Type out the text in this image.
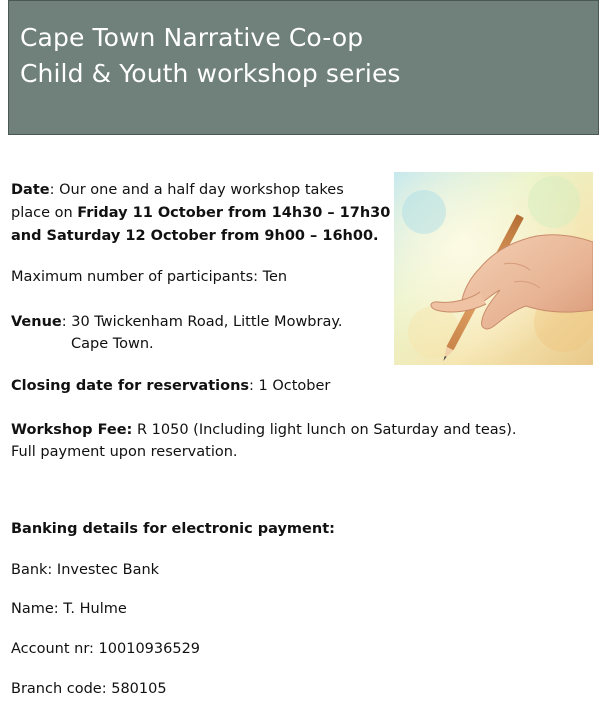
Cape Town Narrative Co-op
Child & Youth workshop series
Date: Our one and a half day workshop takes
place on Friday 11 October from 14h30 – 17h30
and Saturday 12 October from 9h00 – 16h00.
Maximum number of participants: Ten
Venue: 30 Twickenham Road, Little Mowbray.
Cape Town.
Closing date for reservations: 1 October
Workshop Fee: R 1050 (Including light lunch on Saturday and teas).
Full payment upon reservation.
Banking details for electronic payment:
Bank: Investec Bank
Name: T. Hulme
Account nr: 10010936529
Branch code: 580105
